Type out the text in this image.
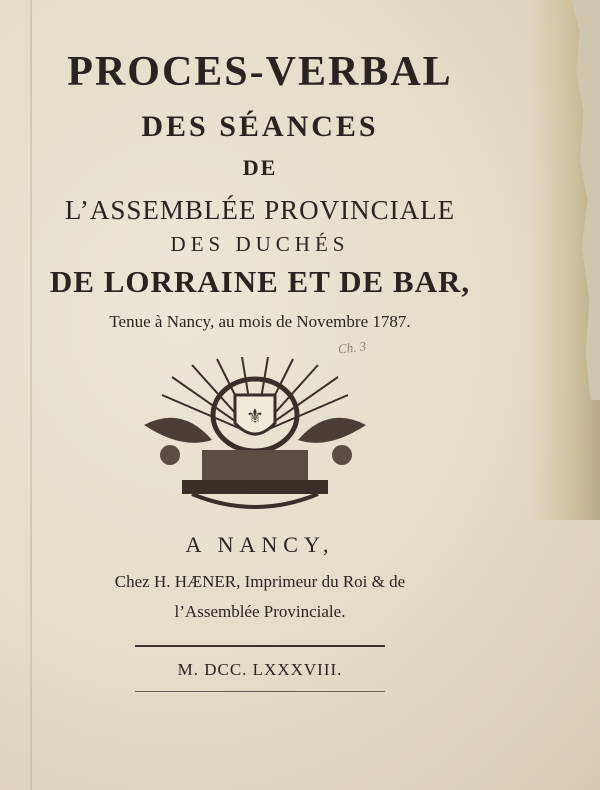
PROCES-VERBAL
DES SÉANCES
DE
L’ASSEMBLÉE PROVINCIALE
DES DUCHÉS
DE LORRAINE ET DE BAR,
Tenue à Nancy, au mois de Novembre 1787.
Ch. 3
⚜
A NANCY,
Chez H. HÆNER, Imprimeur du Roi & de
l’Assemblée Provinciale.
M. DCC. LXXXVIII.
